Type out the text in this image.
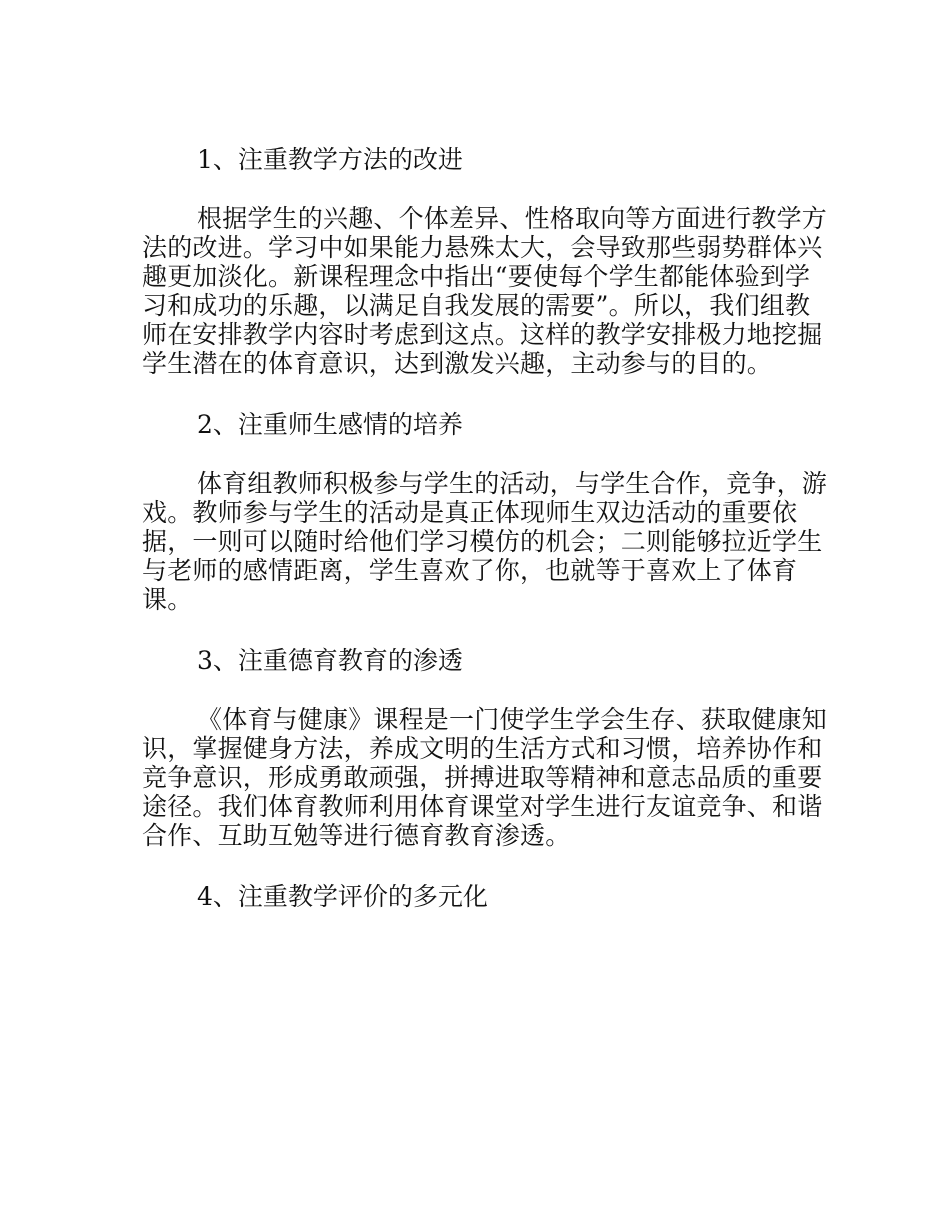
1、注重教学方法的改进

根据学生的兴趣、个体差异、性格取向等方面进行教学方法的改进。学习中如果能力悬殊太大，会导致那些弱势群体兴趣更加淡化。新课程理念中指出“要使每个学生都能体验到学习和成功的乐趣，以满足自我发展的需要”。所以，我们组教师在安排教学内容时考虑到这点。这样的教学安排极力地挖掘学生潜在的体育意识，达到激发兴趣，主动参与的目的。

2、注重师生感情的培养

体育组教师积极参与学生的活动，与学生合作，竞争，游戏。教师参与学生的活动是真正体现师生双边活动的重要依据，一则可以随时给他们学习模仿的机会；二则能够拉近学生与老师的感情距离，学生喜欢了你，也就等于喜欢上了体育课。

3、注重德育教育的渗透

《体育与健康》课程是一门使学生学会生存、获取健康知识，掌握健身方法，养成文明的生活方式和习惯，培养协作和竞争意识，形成勇敢顽强，拼搏进取等精神和意志品质的重要途径。我们体育教师利用体育课堂对学生进行友谊竞争、和谐合作、互助互勉等进行德育教育渗透。

4、注重教学评价的多元化
